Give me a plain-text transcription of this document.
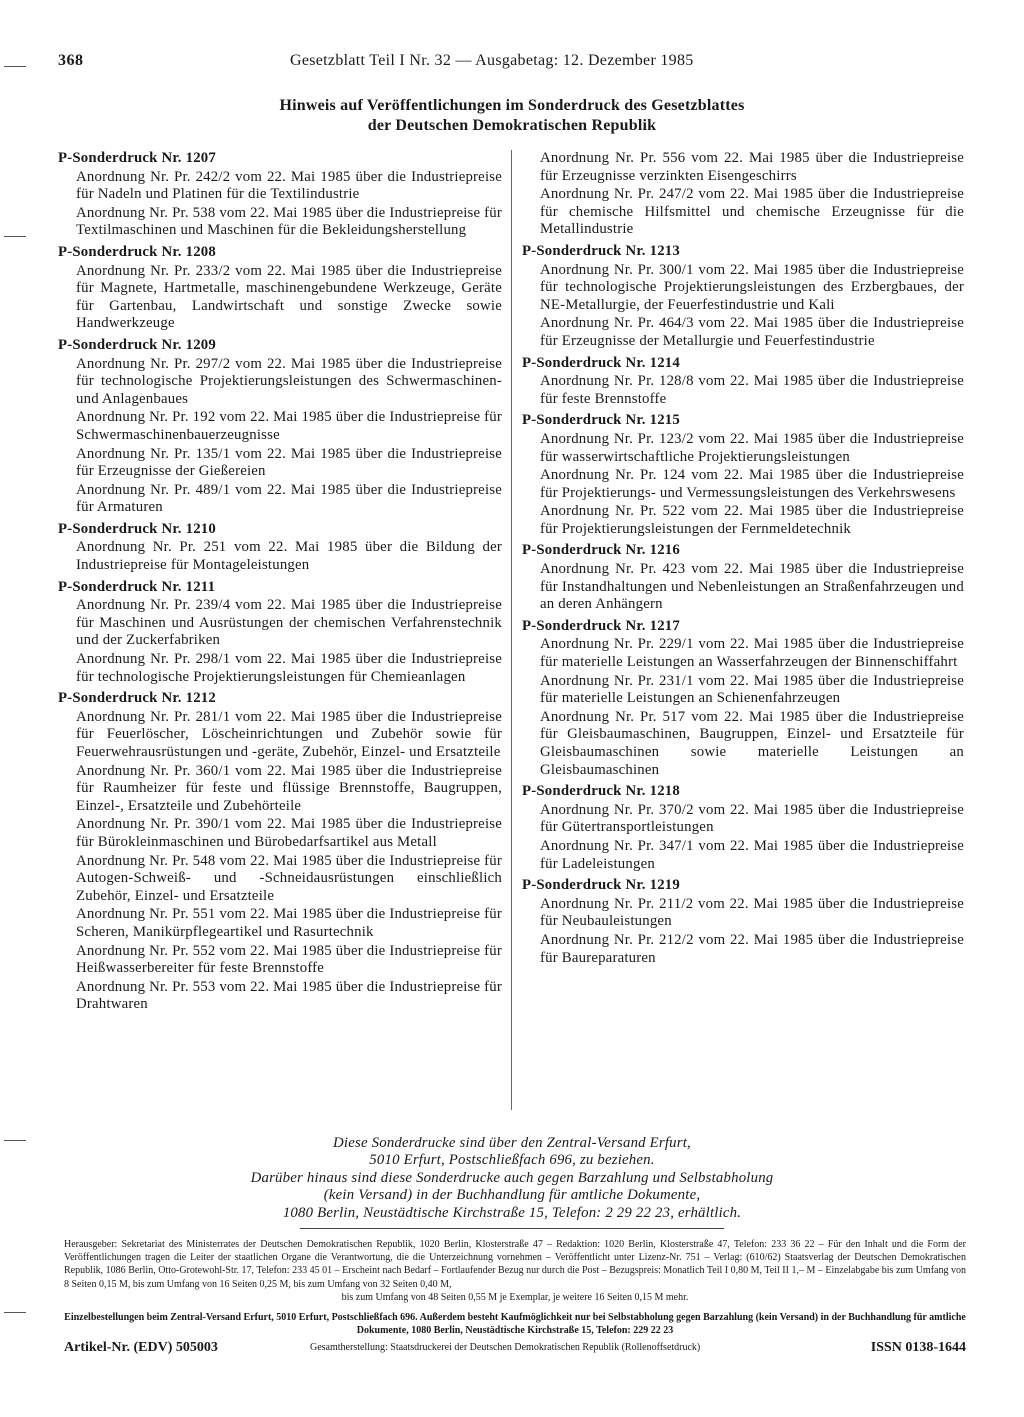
368	Gesetzblatt Teil I Nr. 32 — Ausgabetag: 12. Dezember 1985
Hinweis auf Veröffentlichungen im Sonderdruck des Gesetzblattes
der Deutschen Demokratischen Republik
P-Sonderdruck Nr. 1207
Anordnung Nr. Pr. 242/2 vom 22. Mai 1985 über die Industriepreise für Nadeln und Platinen für die Textilindustrie
Anordnung Nr. Pr. 538 vom 22. Mai 1985 über die Industriepreise für Textilmaschinen und Maschinen für die Bekleidungsherstellung
P-Sonderdruck Nr. 1208
Anordnung Nr. Pr. 233/2 vom 22. Mai 1985 über die Industriepreise für Magnete, Hartmetalle, maschinengebundene Werkzeuge, Geräte für Gartenbau, Landwirtschaft und sonstige Zwecke sowie Handwerkzeuge
P-Sonderdruck Nr. 1209
Anordnung Nr. Pr. 297/2 vom 22. Mai 1985 über die Industriepreise für technologische Projektierungsleistungen des Schwermaschinen- und Anlagenbaues
Anordnung Nr. Pr. 192 vom 22. Mai 1985 über die Industriepreise für Schwermaschinenbauerzeugnisse
Anordnung Nr. Pr. 135/1 vom 22. Mai 1985 über die Industriepreise für Erzeugnisse der Gießereien
Anordnung Nr. Pr. 489/1 vom 22. Mai 1985 über die Industriepreise für Armaturen
P-Sonderdruck Nr. 1210
Anordnung Nr. Pr. 251 vom 22. Mai 1985 über die Bildung der Industriepreise für Montageleistungen
P-Sonderdruck Nr. 1211
Anordnung Nr. Pr. 239/4 vom 22. Mai 1985 über die Industriepreise für Maschinen und Ausrüstungen der chemischen Verfahrenstechnik und der Zuckerfabriken
Anordnung Nr. Pr. 298/1 vom 22. Mai 1985 über die Industriepreise für technologische Projektierungsleistungen für Chemieanlagen
P-Sonderdruck Nr. 1212
Anordnung Nr. Pr. 281/1 vom 22. Mai 1985 über die Industriepreise für Feuerlöscher, Löscheinrichtungen und Zubehör sowie für Feuerwehrausrüstungen und -geräte, Zubehör, Einzel- und Ersatzteile
Anordnung Nr. Pr. 360/1 vom 22. Mai 1985 über die Industriepreise für Raumheizer für feste und flüssige Brennstoffe, Baugruppen, Einzel-, Ersatzteile und Zubehörteile
Anordnung Nr. Pr. 390/1 vom 22. Mai 1985 über die Industriepreise für Bürokleinmaschinen und Bürobedarfsartikel aus Metall
Anordnung Nr. Pr. 548 vom 22. Mai 1985 über die Industriepreise für Autogen-Schweiß- und -Schneidausrüstungen einschließlich Zubehör, Einzel- und Ersatzteile
Anordnung Nr. Pr. 551 vom 22. Mai 1985 über die Industriepreise für Scheren, Manikürpflegeartikel und Rasurtechnik
Anordnung Nr. Pr. 552 vom 22. Mai 1985 über die Industriepreise für Heißwasserbereiter für feste Brennstoffe
Anordnung Nr. Pr. 553 vom 22. Mai 1985 über die Industriepreise für Drahtwaren
Anordnung Nr. Pr. 556 vom 22. Mai 1985 über die Industriepreise für Erzeugnisse verzinkten Eisengeschirrs
Anordnung Nr. Pr. 247/2 vom 22. Mai 1985 über die Industriepreise für chemische Hilfsmittel und chemische Erzeugnisse für die Metallindustrie
P-Sonderdruck Nr. 1213
Anordnung Nr. Pr. 300/1 vom 22. Mai 1985 über die Industriepreise für technologische Projektierungsleistungen des Erzbergbaues, der NE-Metallurgie, der Feuerfestindustrie und Kali
Anordnung Nr. Pr. 464/3 vom 22. Mai 1985 über die Industriepreise für Erzeugnisse der Metallurgie und Feuerfestindustrie
P-Sonderdruck Nr. 1214
Anordnung Nr. Pr. 128/8 vom 22. Mai 1985 über die Industriepreise für feste Brennstoffe
P-Sonderdruck Nr. 1215
Anordnung Nr. Pr. 123/2 vom 22. Mai 1985 über die Industriepreise für wasserwirtschaftliche Projektierungsleistungen
Anordnung Nr. Pr. 124 vom 22. Mai 1985 über die Industriepreise für Projektierungs- und Vermessungsleistungen des Verkehrswesens
Anordnung Nr. Pr. 522 vom 22. Mai 1985 über die Industriepreise für Projektierungsleistungen der Fernmeldetechnik
P-Sonderdruck Nr. 1216
Anordnung Nr. Pr. 423 vom 22. Mai 1985 über die Industriepreise für Instandhaltungen und Nebenleistungen an Straßenfahrzeugen und an deren Anhängern
P-Sonderdruck Nr. 1217
Anordnung Nr. Pr. 229/1 vom 22. Mai 1985 über die Industriepreise für materielle Leistungen an Wasserfahrzeugen der Binnenschiffahrt
Anordnung Nr. Pr. 231/1 vom 22. Mai 1985 über die Industriepreise für materielle Leistungen an Schienenfahrzeugen
Anordnung Nr. Pr. 517 vom 22. Mai 1985 über die Industriepreise für Gleisbaumaschinen, Baugruppen, Einzel- und Ersatzteile für Gleisbaumaschinen sowie materielle Leistungen an Gleisbaumaschinen
P-Sonderdruck Nr. 1218
Anordnung Nr. Pr. 370/2 vom 22. Mai 1985 über die Industriepreise für Gütertransportleistungen
Anordnung Nr. Pr. 347/1 vom 22. Mai 1985 über die Industriepreise für Ladeleistungen
P-Sonderdruck Nr. 1219
Anordnung Nr. Pr. 211/2 vom 22. Mai 1985 über die Industriepreise für Neubauleistungen
Anordnung Nr. Pr. 212/2 vom 22. Mai 1985 über die Industriepreise für Baureparaturen
Diese Sonderdrucke sind über den Zentral-Versand Erfurt,
5010 Erfurt, Postschließfach 696, zu beziehen.
Darüber hinaus sind diese Sonderdrucke auch gegen Barzahlung und Selbstabholung
(kein Versand) in der Buchhandlung für amtliche Dokumente,
1080 Berlin, Neustädtische Kirchstraße 15, Telefon: 2 29 22 23, erhältlich.
Herausgeber: Sekretariat des Ministerrates der Deutschen Demokratischen Republik, 1020 Berlin, Klosterstraße 47 – Redaktion: 1020 Berlin, Klosterstraße 47, Telefon: 233 36 22 – Für den Inhalt und die Form der Veröffentlichungen tragen die Leiter der staatlichen Organe die Verantwortung, die die Unterzeichnung vornehmen – Veröffentlicht unter Lizenz-Nr. 751 – Verlag: (610/62) Staatsverlag der Deutschen Demokratischen Republik, 1086 Berlin, Otto-Grotewohl-Str. 17, Telefon: 233 45 01 – Erscheint nach Bedarf – Fortlaufender Bezug nur durch die Post – Bezugspreis: Monatlich Teil I 0,80 M, Teil II 1,– M – Einzelabgabe bis zum Umfang von 8 Seiten 0,15 M, bis zum Umfang von 16 Seiten 0,25 M, bis zum Umfang von 32 Seiten 0,40 M,
bis zum Umfang von 48 Seiten 0,55 M je Exemplar, je weitere 16 Seiten 0,15 M mehr.
Einzelbestellungen beim Zentral-Versand Erfurt, 5010 Erfurt, Postschließfach 696. Außerdem besteht Kaufmöglichkeit nur bei Selbstabholung gegen Barzahlung (kein Versand) in der Buchhandlung für amtliche Dokumente, 1080 Berlin, Neustädtische Kirchstraße 15, Telefon: 229 22 23
Artikel-Nr. (EDV) 505003	Gesamtherstellung: Staatsdruckerei der Deutschen Demokratischen Republik (Rollenoffsetdruck)	ISSN 0138-1644
